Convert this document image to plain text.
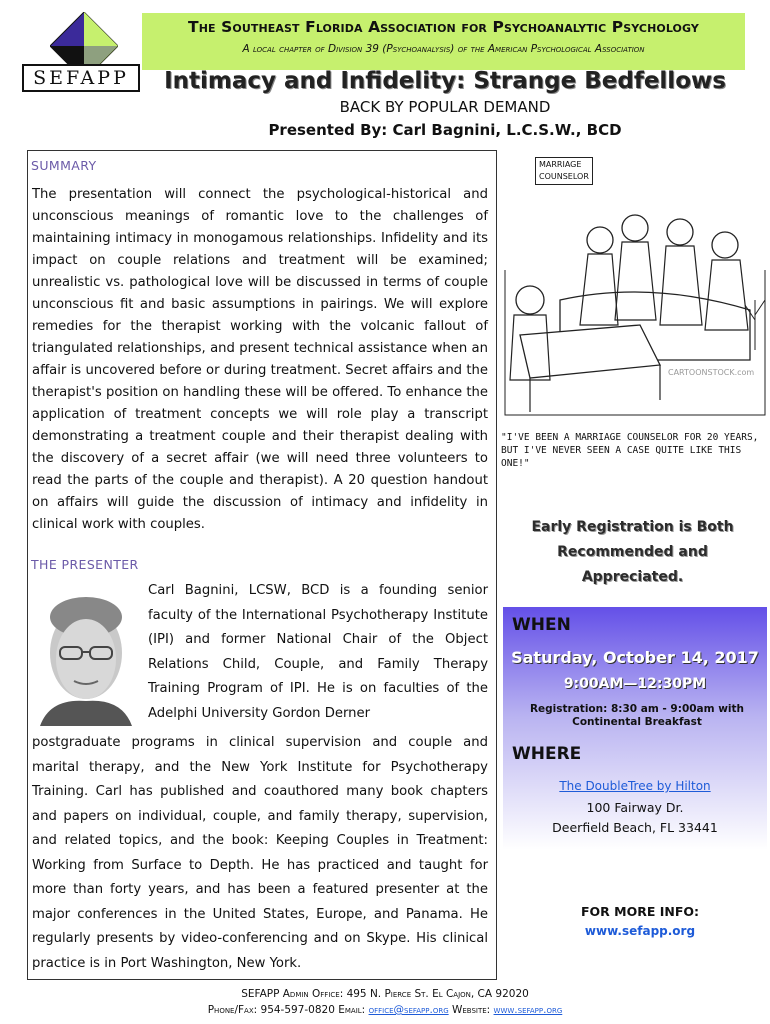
SEFAPP
The Southeast Florida Association for Psychoanalytic Psychology
A local chapter of Division 39 (Psychoanalysis) of the American Psychological Association
Intimacy and Infidelity: Strange Bedfellows
BACK BY POPULAR DEMAND
Presented By: Carl Bagnini, L.C.S.W., BCD
SUMMARY

The presentation will connect the psychological-historical and unconscious meanings of romantic love to the challenges of maintaining intimacy in monogamous relationships. Infidelity and its impact on couple relations and treatment will be examined; unrealistic vs. pathological love will be discussed in terms of couple unconscious fit and basic assumptions in pairings. We will explore remedies for the therapist working with the volcanic fallout of triangulated relationships, and present technical assistance when an affair is uncovered before or during treatment. Secret affairs and the therapist's position on handling these will be offered. To enhance the application of treatment concepts we will role play a transcript demonstrating a treatment couple and their therapist dealing with the discovery of a secret affair (we will need three volunteers to read the parts of the couple and therapist). A 20 question handout on affairs will guide the discussion of intimacy and infidelity in clinical work with couples.

THE PRESENTER

Carl Bagnini, LCSW, BCD is a founding senior faculty of the International Psychotherapy Institute (IPI) and former National Chair of the Object Relations Child, Couple, and Family Therapy Training Program of IPI. He is on faculties of the Adelphi University Gordon Derner

postgraduate programs in clinical supervision and couple and marital therapy, and the New York Institute for Psychotherapy Training. Carl has published and coauthored many book chapters and papers on individual, couple, and family therapy, supervision, and related topics, and the book: Keeping Couples in Treatment: Working from Surface to Depth. He has practiced and taught for more than forty years, and has been a featured presenter at the major conferences in the United States, Europe, and Panama. He regularly presents by video-conferencing and on Skype. His clinical practice is in Port Washington, New York.

MARRIAGE COUNSELOR
CARTOONSTOCK.com
"I'VE BEEN A MARRIAGE COUNSELOR FOR 20 YEARS, BUT I'VE NEVER SEEN A CASE QUITE LIKE THIS ONE!"
Early Registration is Both
Recommended and Appreciated.
WHEN
WHERE
Saturday, October 14, 2017
9:00AM—12:30PM
Registration: 8:30 am - 9:00am with Continental Breakfast
The DoubleTree by Hilton
100 Fairway Dr.
Deerfield Beach, FL 33441
FOR MORE INFO:
www.sefapp.org
SEFAPP Admin Office: 495 N. Pierce St. El Cajon, CA 92020
Phone/Fax: 954-597-0820 Email: office@sefapp.org Website: www.sefapp.org
